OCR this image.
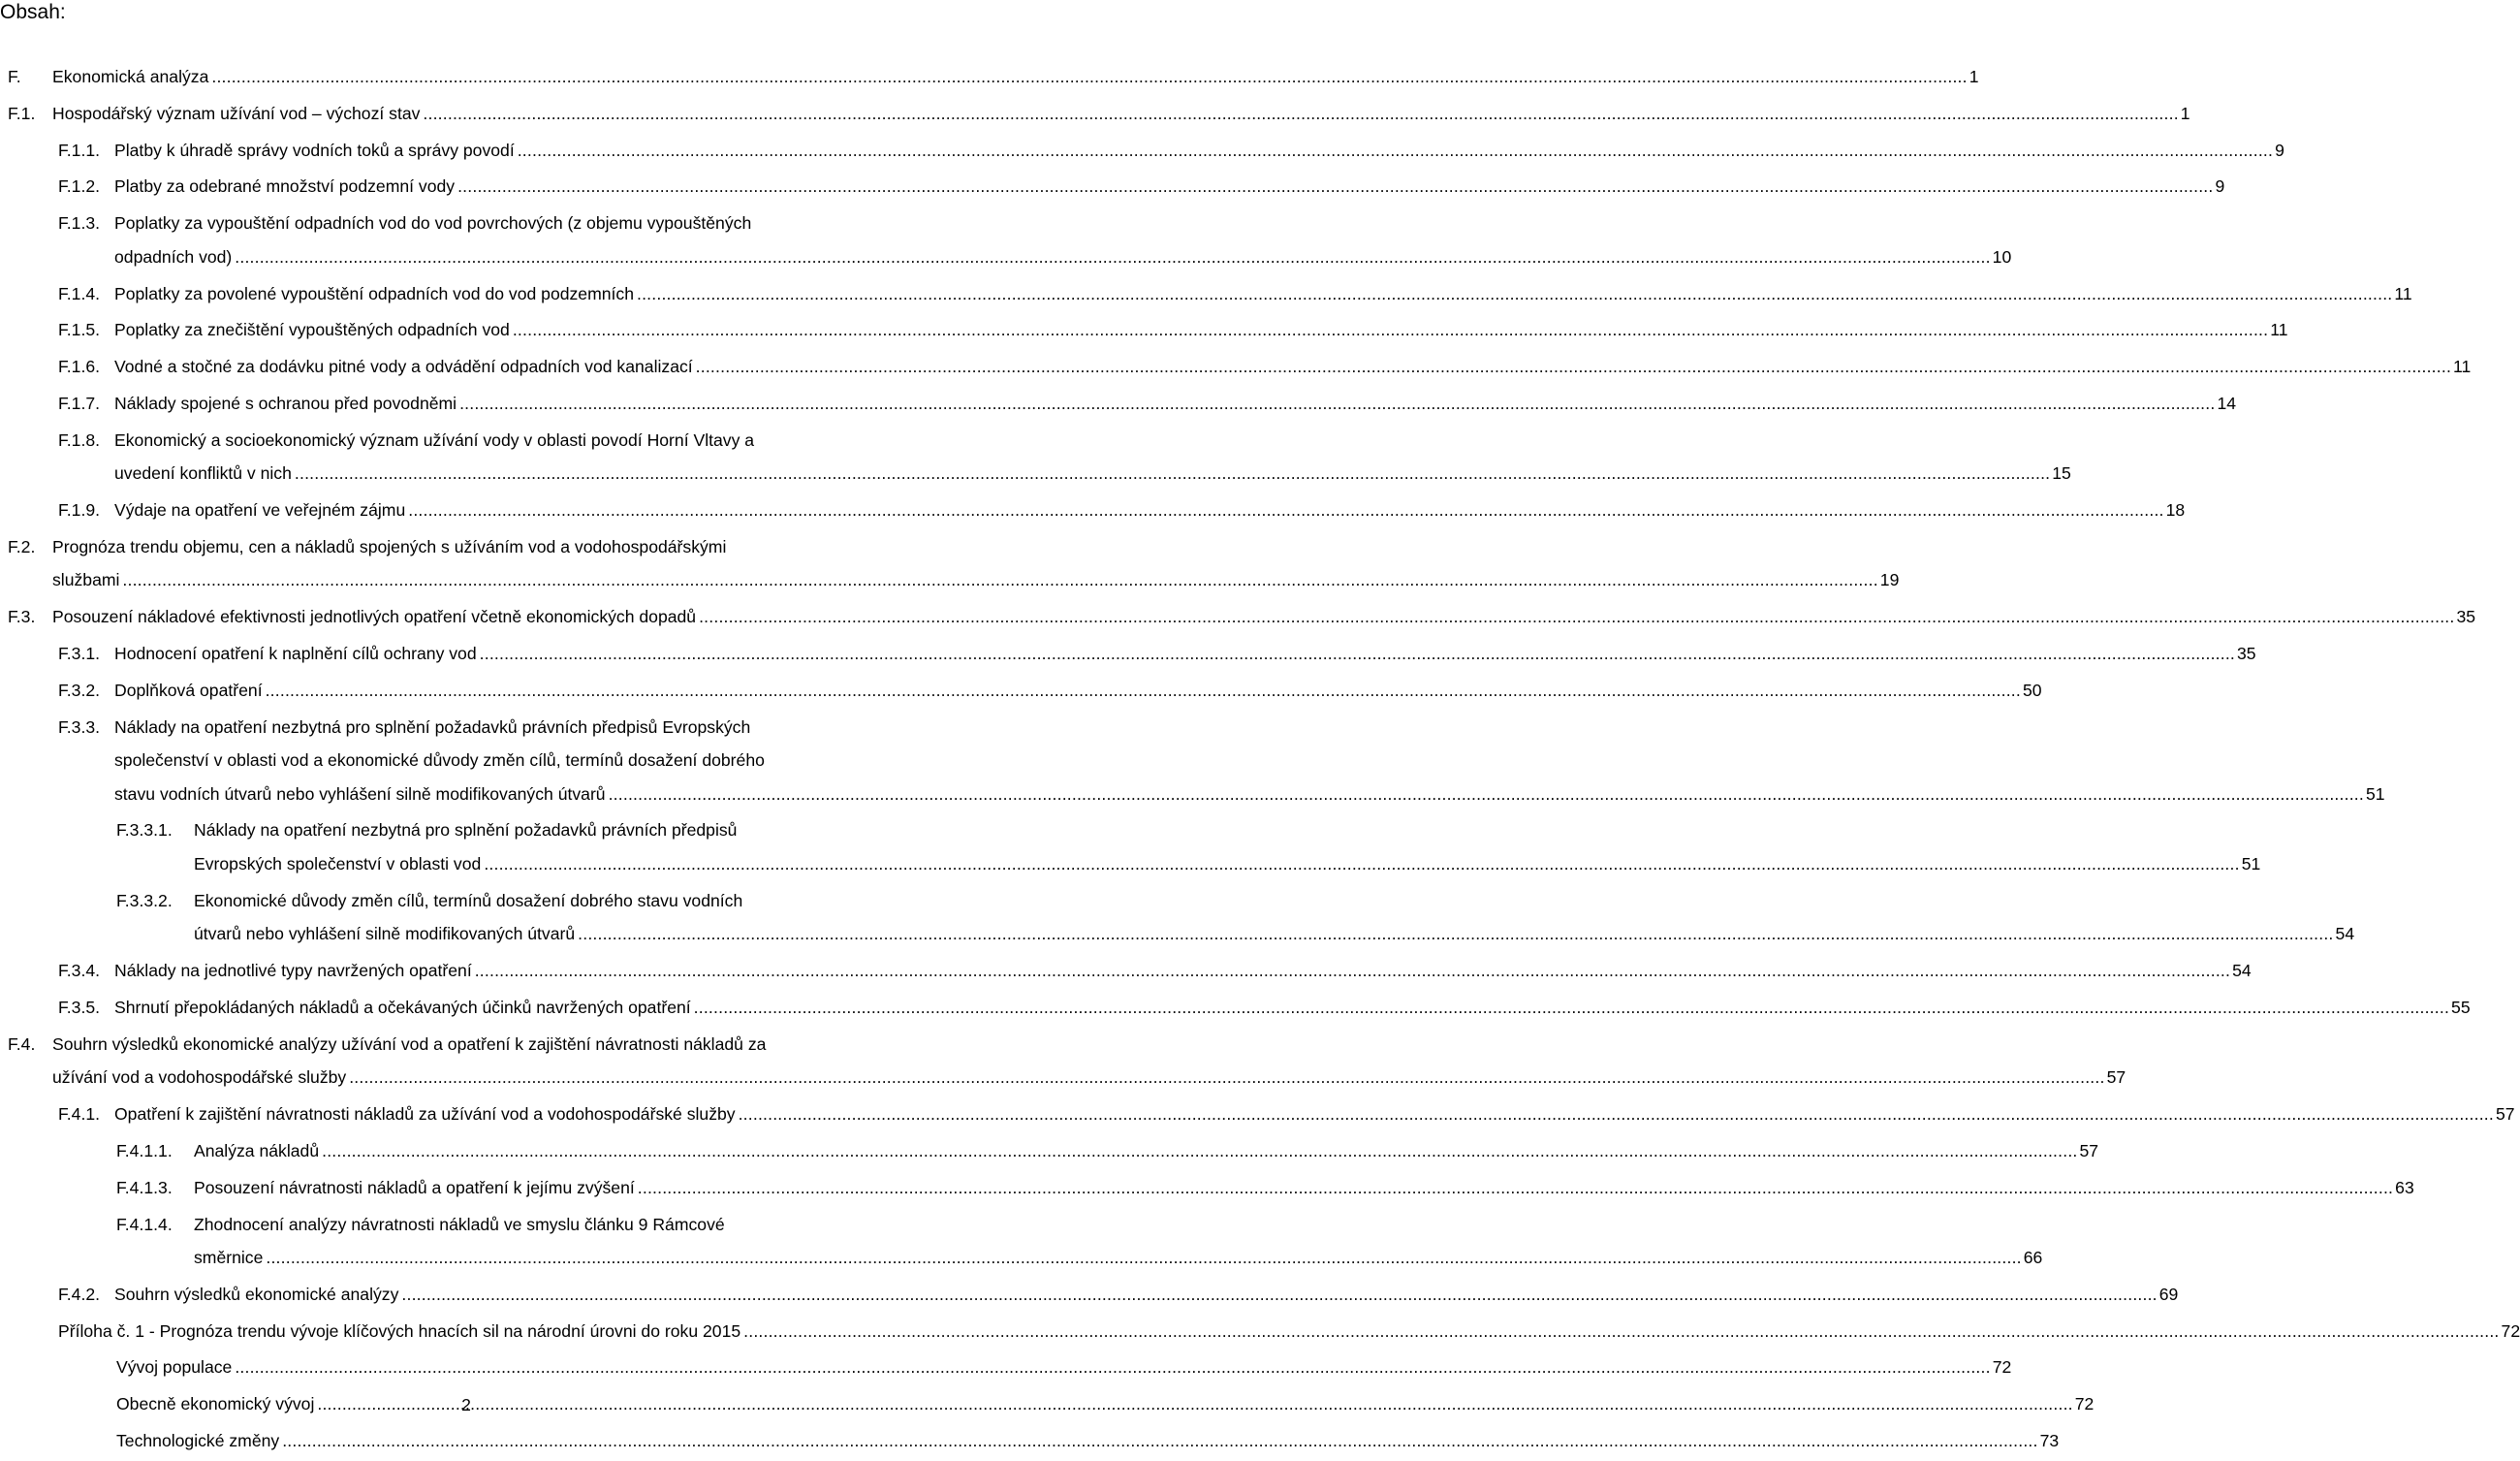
Obsah:
F.	Ekonomická analýza .....	1
F.1.	Hospodářský význam užívání vod – výchozí stav .....	1
F.1.1. Platby k úhradě správy vodních toků a správy povodí .....	9
F.1.2. Platby za odebrané množství podzemní vody .....	9
F.1.3. Poplatky za vypouštění odpadních vod do vod povrchových (z objemu vypouštěných
odpadních vod) .....	10
F.1.4. Poplatky za povolené vypouštění odpadních vod do vod podzemních .....	11
F.1.5. Poplatky za znečištění vypouštěných odpadních vod .....	11
F.1.6. Vodné a stočné za dodávku pitné vody a odvádění odpadních vod kanalizací .....	11
F.1.7. Náklady spojené s ochranou před povodněmi .....	14
F.1.8. Ekonomický a socioekonomický význam užívání vody v oblasti povodí Horní Vltavy a
uvedení konfliktů v nich .....	15
F.1.9. Výdaje na opatření ve veřejném zájmu .....	18
F.2.	Prognóza trendu objemu, cen a nákladů spojených s užíváním vod a vodohospodářskými
službami .....	19
F.3.	Posouzení nákladové efektivnosti jednotlivých opatření včetně ekonomických dopadů .....	35
F.3.1. Hodnocení opatření k naplnění cílů ochrany vod .....	35
F.3.2. Doplňková opatření .....	50
F.3.3. Náklady na opatření nezbytná pro splnění požadavků právních předpisů Evropských
společenství v oblasti vod a ekonomické důvody změn cílů, termínů dosažení dobrého
stavu vodních útvarů nebo vyhlášení silně modifikovaných útvarů .....	51
F.3.3.1.	Náklady na opatření nezbytná pro splnění požadavků právních předpisů
Evropských společenství v oblasti vod .....	51
F.3.3.2.	Ekonomické důvody změn cílů, termínů dosažení dobrého stavu vodních
útvarů nebo vyhlášení silně modifikovaných útvarů .....	54
F.3.4. Náklady na jednotlivé typy navržených opatření .....	54
F.3.5. Shrnutí přepokládaných nákladů a očekávaných účinků navržených opatření .....	55
F.4.	Souhrn výsledků ekonomické analýzy užívání vod a opatření k zajištění návratnosti nákladů za
užívání vod a vodohospodářské služby .....	57
F.4.1. Opatření k zajištění návratnosti nákladů za užívání vod a vodohospodářské služby .....	57
F.4.1.1.	Analýza nákladů .....	57
F.4.1.3.	Posouzení návratnosti nákladů a opatření k jejímu zvýšení .....	63
F.4.1.4.	Zhodnocení analýzy návratnosti nákladů ve smyslu článku 9 Rámcové
směrnice .....	66
F.4.2. Souhrn výsledků ekonomické analýzy .....	69
Příloha č. 1 - Prognóza trendu vývoje klíčových hnacích sil na národní úrovni do roku 2015 .....	72
Vývoj populace .....	72
Obecně ekonomický vývoj .....	72
Technologické změny .....	73
2
